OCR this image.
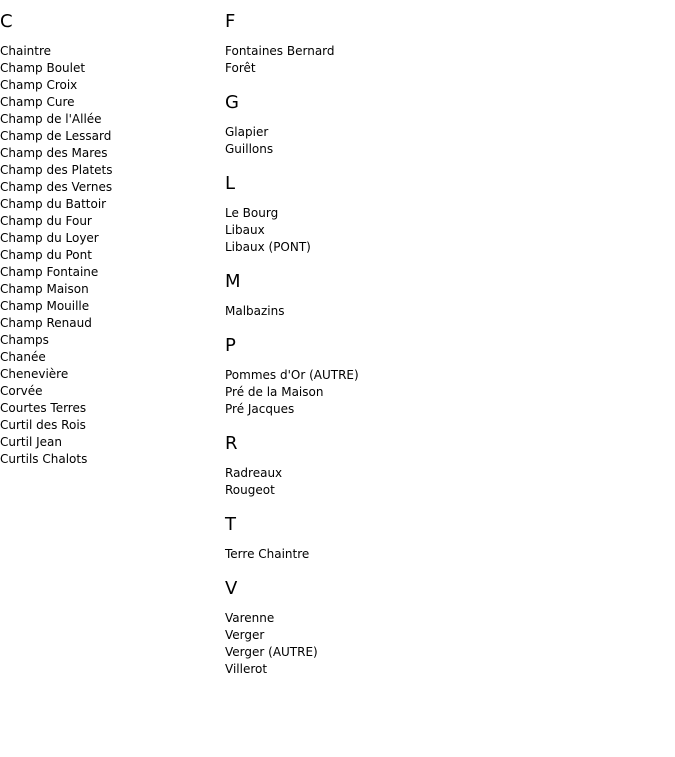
C
Chaintre
Champ Boulet
Champ Croix
Champ Cure
Champ de l'Allée
Champ de Lessard
Champ des Mares
Champ des Platets
Champ des Vernes
Champ du Battoir
Champ du Four
Champ du Loyer
Champ du Pont
Champ Fontaine
Champ Maison
Champ Mouille
Champ Renaud
Champs
Chanée
Chenevière
Corvée
Courtes Terres
Curtil des Rois
Curtil Jean
Curtils Chalots
F
Fontaines Bernard
Forêt
G
Glapier
Guillons
L
Le Bourg
Libaux
Libaux (PONT)
M
Malbazins
P
Pommes d'Or (AUTRE)
Pré de la Maison
Pré Jacques
R
Radreaux
Rougeot
T
Terre Chaintre
V
Varenne
Verger
Verger (AUTRE)
Villerot
